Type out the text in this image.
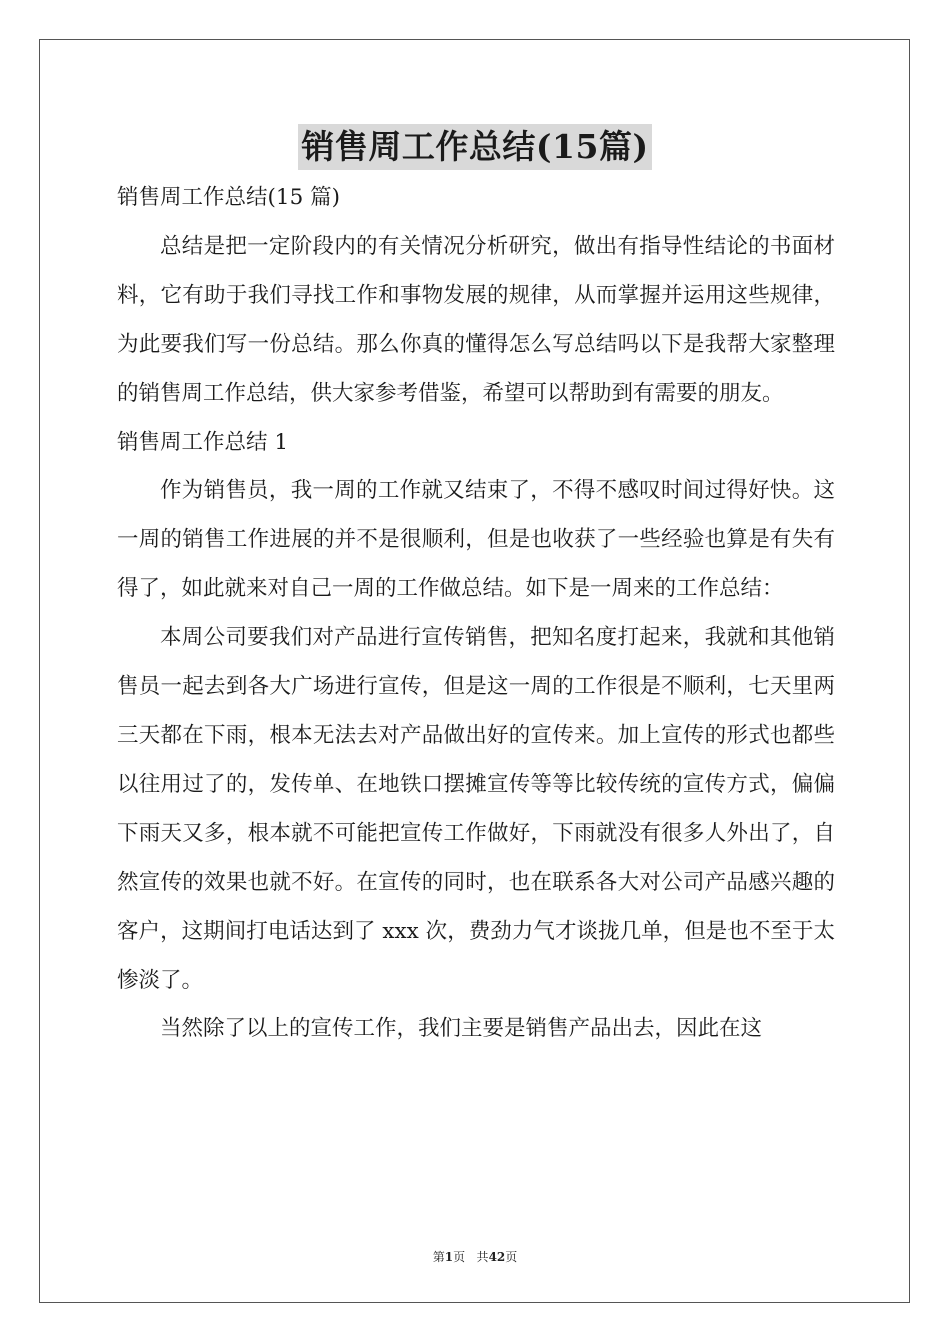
销售周工作总结(15篇)

销售周工作总结(15 篇)

总结是把一定阶段内的有关情况分析研究，做出有指导性结论的书面材料，它有助于我们寻找工作和事物发展的规律，从而掌握并运用这些规律，为此要我们写一份总结。那么你真的懂得怎么写总结吗以下是我帮大家整理的销售周工作总结，供大家参考借鉴，希望可以帮助到有需要的朋友。

销售周工作总结 1

作为销售员，我一周的工作就又结束了，不得不感叹时间过得好快。这一周的销售工作进展的并不是很顺利，但是也收获了一些经验也算是有失有得了，如此就来对自己一周的工作做总结。如下是一周来的工作总结：

本周公司要我们对产品进行宣传销售，把知名度打起来，我就和其他销售员一起去到各大广场进行宣传，但是这一周的工作很是不顺利，七天里两三天都在下雨，根本无法去对产品做出好的宣传来。加上宣传的形式也都些以往用过了的，发传单、在地铁口摆摊宣传等等比较传统的宣传方式，偏偏下雨天又多，根本就不可能把宣传工作做好，下雨就没有很多人外出了，自然宣传的效果也就不好。在宣传的同时，也在联系各大对公司产品感兴趣的客户，这期间打电话达到了 xxx 次，费劲力气才谈拢几单，但是也不至于太惨淡了。

当然除了以上的宣传工作，我们主要是销售产品出去，因此在这

第1页 共42页
